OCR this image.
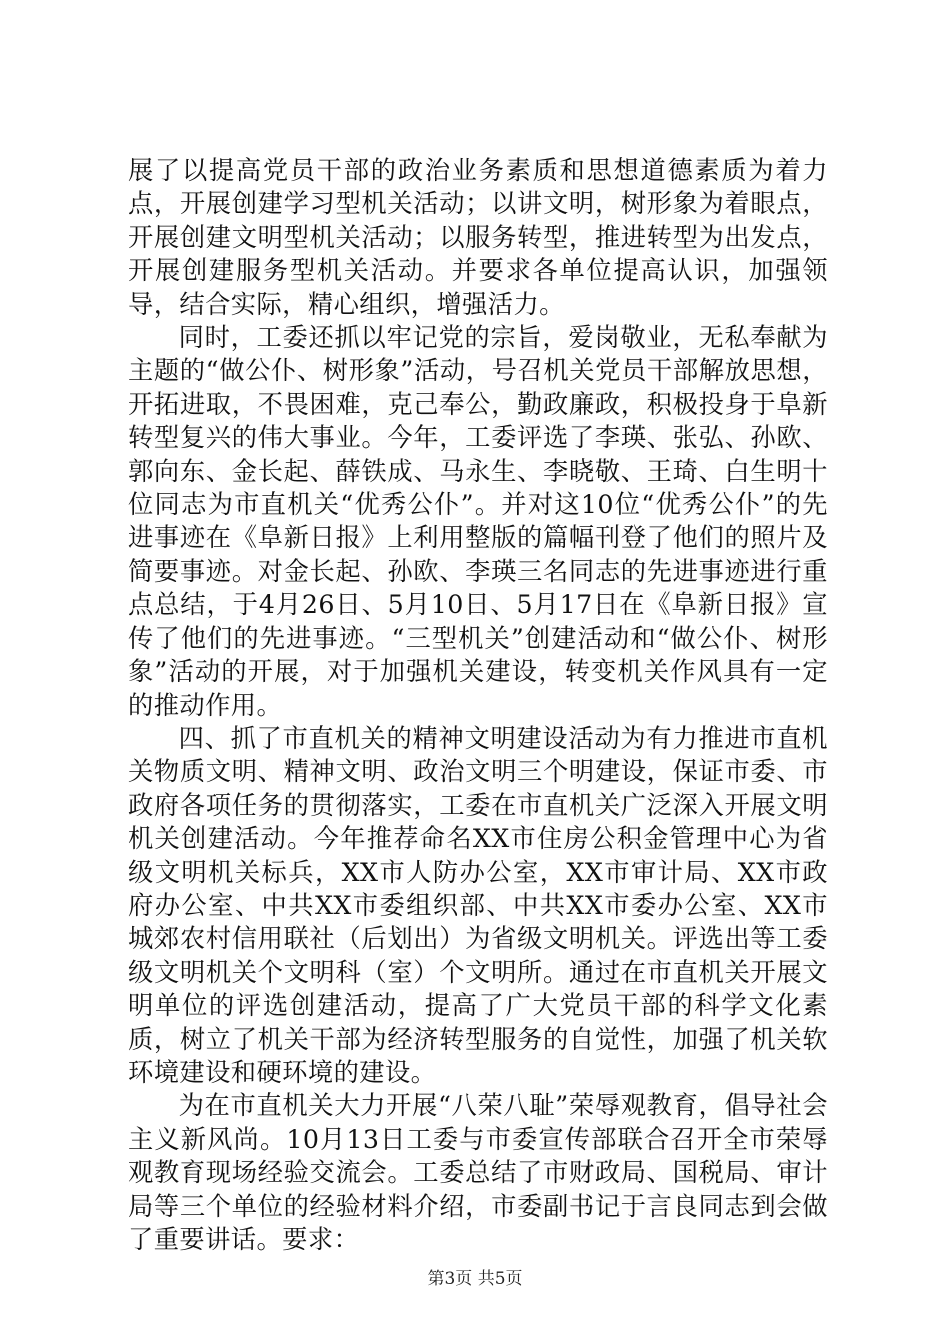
展了以提高党员干部的政治业务素质和思想道德素质为着力点，开展创建学习型机关活动；以讲文明，树形象为着眼点，开展创建文明型机关活动；以服务转型，推进转型为出发点，开展创建服务型机关活动。并要求各单位提高认识，加强领导，结合实际，精心组织，增强活力。

同时，工委还抓以牢记党的宗旨，爱岗敬业，无私奉献为主题的“做公仆、树形象”活动，号召机关党员干部解放思想，开拓进取，不畏困难，克己奉公，勤政廉政，积极投身于阜新转型复兴的伟大事业。今年，工委评选了李瑛、张弘、孙欧、郭向东、金长起、薛铁成、马永生、李晓敬、王琦、白生明十位同志为市直机关“优秀公仆”。并对这10位“优秀公仆”的先进事迹在《阜新日报》上利用整版的篇幅刊登了他们的照片及简要事迹。对金长起、孙欧、李瑛三名同志的先进事迹进行重点总结，于4月26日、5月10日、5月17日在《阜新日报》宣传了他们的先进事迹。“三型机关”创建活动和“做公仆、树形象”活动的开展，对于加强机关建设，转变机关作风具有一定的推动作用。

四、抓了市直机关的精神文明建设活动为有力推进市直机关物质文明、精神文明、政治文明三个明建设，保证市委、市政府各项任务的贯彻落实，工委在市直机关广泛深入开展文明机关创建活动。今年推荐命名XX市住房公积金管理中心为省级文明机关标兵，XX市人防办公室，XX市审计局、XX市政府办公室、中共XX市委组织部、中共XX市委办公室、XX市城郊农村信用联社（后划出）为省级文明机关。评选出等工委级文明机关个文明科（室）个文明所。通过在市直机关开展文明单位的评选创建活动，提高了广大党员干部的科学文化素质，树立了机关干部为经济转型服务的自觉性，加强了机关软环境建设和硬环境的建设。

为在市直机关大力开展“八荣八耻”荣辱观教育，倡导社会主义新风尚。10月13日工委与市委宣传部联合召开全市荣辱观教育现场经验交流会。工委总结了市财政局、国税局、审计局等三个单位的经验材料介绍，市委副书记于言良同志到会做了重要讲话。要求：

第3页 共5页
